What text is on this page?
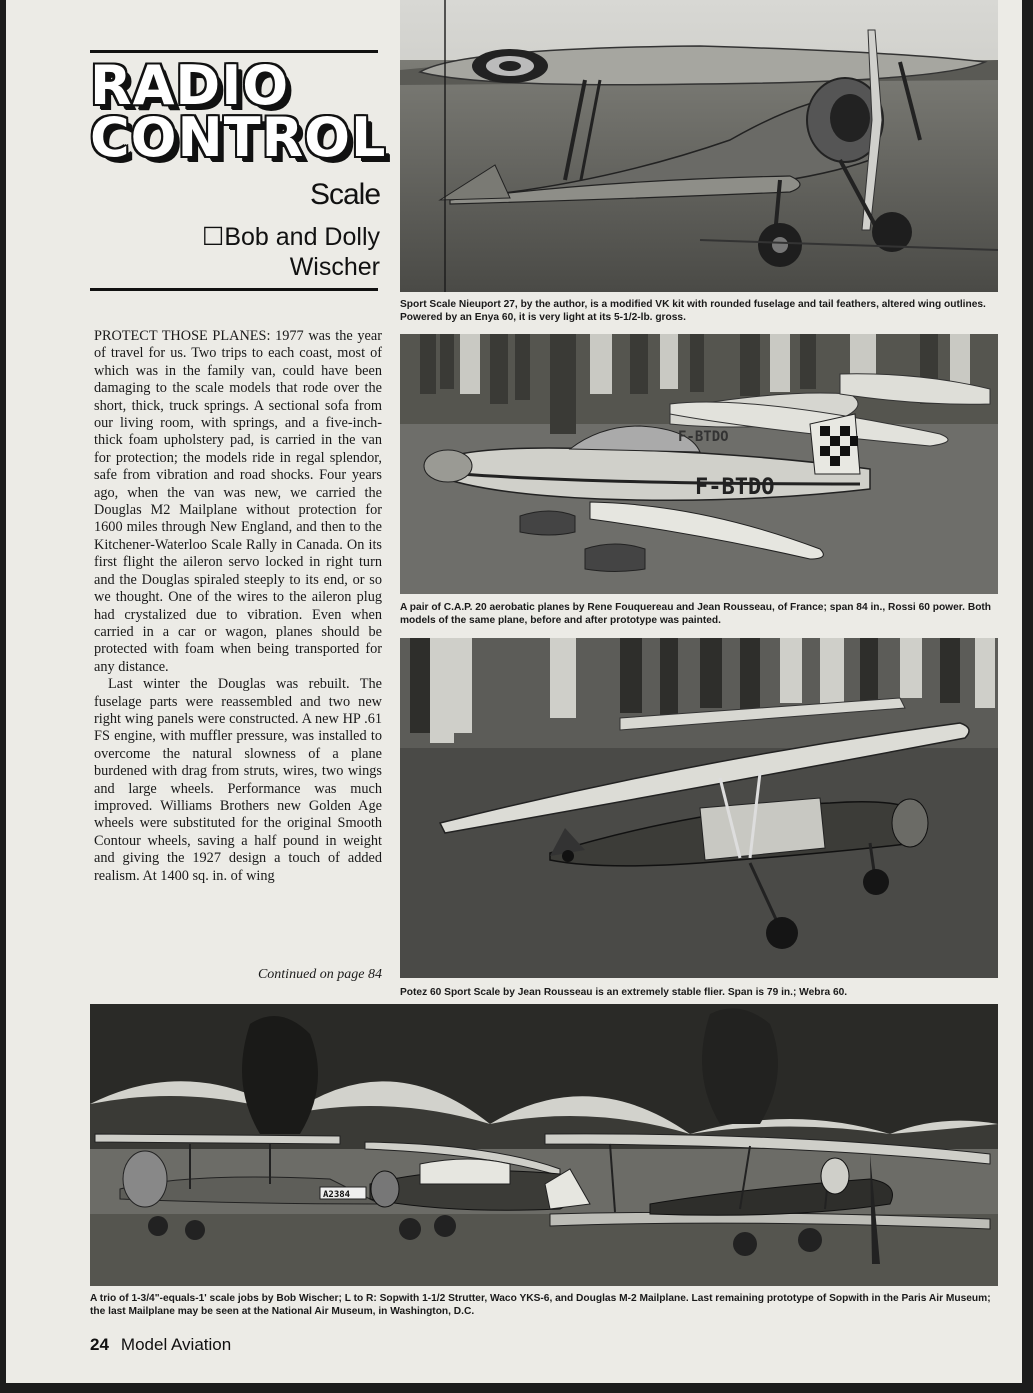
RADIO
CONTROL
Scale
☐Bob and Dolly
Wischer

PROTECT THOSE PLANES: 1977 was the year of travel for us. Two trips to each coast, most of which was in the family van, could have been damaging to the scale models that rode over the short, thick, truck springs. A sectional sofa from our living room, with springs, and a five-inch-thick foam upholstery pad, is carried in the van for protection; the models ride in regal splendor, safe from vibration and road shocks. Four years ago, when the van was new, we carried the Douglas M2 Mailplane without protection for 1600 miles through New England, and then to the Kitchener-Waterloo Scale Rally in Canada. On its first flight the aileron servo locked in right turn and the Douglas spiraled steeply to its end, or so we thought. One of the wires to the aileron plug had crystalized due to vibration. Even when carried in a car or wagon, planes should be protected with foam when being transported for any distance.

Last winter the Douglas was rebuilt. The fuselage parts were reassembled and two new right wing panels were constructed. A new HP .61 FS engine, with muffler pressure, was installed to overcome the natural slowness of a plane burdened with drag from struts, wires, two wings and large wheels. Performance was much improved. Williams Brothers new Golden Age wheels were substituted for the original Smooth Contour wheels, saving a half pound in weight and giving the 1927 design a touch of added realism. At 1400 sq. in. of wing

Continued on page 84
Sport Scale Nieuport 27, by the author, is a modified VK kit with rounded fuselage and tail feathers, altered wing outlines. Powered by an Enya 60, it is very light at its 5-1/2-lb. gross.
F-BTDO
F-BTDO
A pair of C.A.P. 20 aerobatic planes by Rene Fouquereau and Jean Rousseau, of France; span 84 in., Rossi 60 power. Both models of the same plane, before and after prototype was painted.
Potez 60 Sport Scale by Jean Rousseau is an extremely stable flier. Span is 79 in.; Webra 60.
A2384
A trio of 1-3/4"-equals-1' scale jobs by Bob Wischer; L to R: Sopwith 1-1/2 Strutter, Waco YKS-6, and Douglas M-2 Mailplane. Last remaining prototype of Sopwith in the Paris Air Museum; the last Mailplane may be seen at the National Air Museum, in Washington, D.C.
24 Model Aviation
